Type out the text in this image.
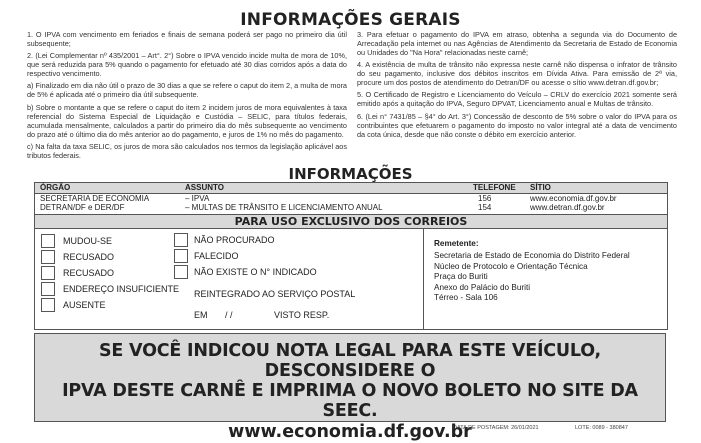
INFORMAÇÕES GERAIS

1. O IPVA com vencimento em feriados e finais de semana poderá ser pago no primeiro dia útil subsequente;

2. (Lei Complementar nº 435/2001 – Art°. 2°) Sobre o IPVA vencido incide multa de mora de 10%, que será reduzida para 5% quando o pagamento for efetuado até 30 dias corridos após a data do respectivo vencimento.

a) Finalizado em dia não útil o prazo de 30 dias a que se refere o caput do item 2, a multa de mora de 5% é aplicada até o primeiro dia útil subsequente.

b) Sobre o montante a que se refere o caput do item 2 incidem juros de mora equivalentes à taxa referencial do Sistema Especial de Liquidação e Custódia – SELIC, para títulos federais, acumulada mensalmente, calculados a partir do primeiro dia do mês subsequente ao vencimento do prazo até o último dia do mês anterior ao do pagamento, e juros de 1% no mês do pagamento.

c) Na falta da taxa SELIC, os juros de mora são calculados nos termos da legislação aplicável aos tributos federais.

3. Para efetuar o pagamento do IPVA em atraso, obtenha a segunda via do Documento de Arrecadação pela internet ou nas Agências de Atendimento da Secretaria de Estado de Economia ou Unidades do "Na Hora" relacionadas neste carnê;

4. A existência de multa de trânsito não expressa neste carnê não dispensa o infrator de trânsito do seu pagamento, inclusive dos débitos inscritos em Dívida Ativa. Para emissão de 2ª via, procure um dos postos de atendimento do Detran/DF ou acesse o sítio www.detran.df.gov.br;

5. O Certificado de Registro e Licenciamento do Veículo – CRLV do exercício 2021 somente será emitido após a quitação do IPVA, Seguro DPVAT, Licenciamento anual e Multas de trânsito.

6. (Lei n° 7431/85 – §4° do Art. 3°) Concessão de desconto de 5% sobre o valor do IPVA para os contribuintes que efetuarem o pagamento do imposto no valor integral até a data de vencimento da cota única, desde que não conste o débito em exercício anterior.

INFORMAÇÕES
ÓRGÃO	ASSUNTO	TELEFONE SÍTIO
SECRETARIA DE ECONOMIA	– IPVA	156	www.economia.df.gov.br
DETRAN/DF e DER/DF	– MULTAS DE TRÂNSITO E LICENCIAMENTO ANUAL	154	www.detran.df.gov.br
PARA USO EXCLUSIVO DOS CORREIOS
MUDOU-SE
RECUSADO
RECUSADO
ENDEREÇO INSUFICIENTE
AUSENTE
NÃO PROCURADO
FALECIDO
NÃO EXISTE O N° INDICADO
REINTEGRADO AO SERVIÇO POSTAL
EM / /	VISTO RESP.
Remetente:
Secretaria de Estado de Economia do Distrito Federal
Núcleo de Protocolo e Orientação Técnica
Praça do Buriti
Anexo do Palácio do Buriti
Térreo - Sala 106
SE VOCÊ INDICOU NOTA LEGAL PARA ESTE VEÍCULO, DESCONSIDERE O
IPVA DESTE CARNÊ E IMPRIMA O NOVO BOLETO NO SITE DA SEEC.
www.economia.df.gov.br
DATA DE POSTAGEM: 26/01/2021	LOTE: 0089 - 380847
